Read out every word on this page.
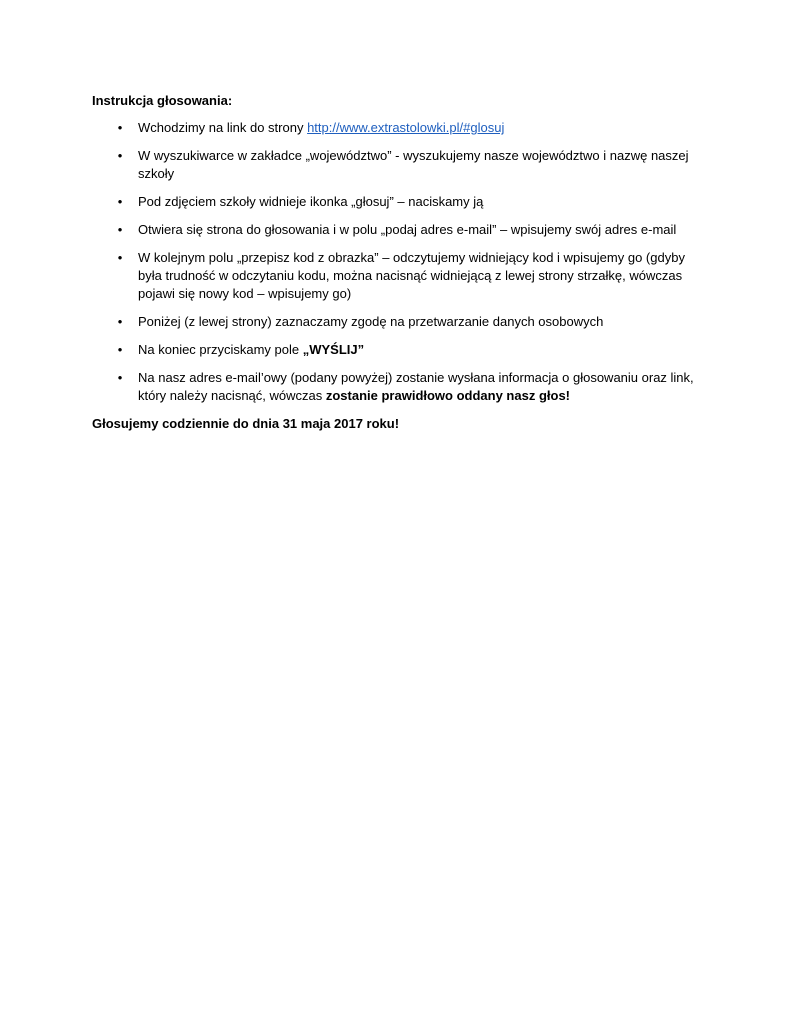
Instrukcja głosowania:

• Wchodzimy na link do strony http://www.extrastolowki.pl/#glosuj
• W wyszukiwarce w zakładce „województwo” - wyszukujemy nasze województwo i nazwę naszej szkoły
• Pod zdjęciem szkoły widnieje ikonka „głosuj” – naciskamy ją
• Otwiera się strona do głosowania i w polu „podaj adres e-mail” – wpisujemy swój adres e-mail
• W kolejnym polu „przepisz kod z obrazka” – odczytujemy widniejący kod i wpisujemy go (gdyby była trudność w odczytaniu kodu, można nacisnąć widniejącą z lewej strony strzałkę, wówczas pojawi się nowy kod – wpisujemy go)
• Poniżej (z lewej strony) zaznaczamy zgodę na przetwarzanie danych osobowych
• Na koniec przyciskamy pole „WYŚLIJ”
• Na nasz adres e-mail’owy (podany powyżej) zostanie wysłana informacja o głosowaniu oraz link, który należy nacisnąć, wówczas zostanie prawidłowo oddany nasz głos!

Głosujemy codziennie do dnia 31 maja 2017 roku!
